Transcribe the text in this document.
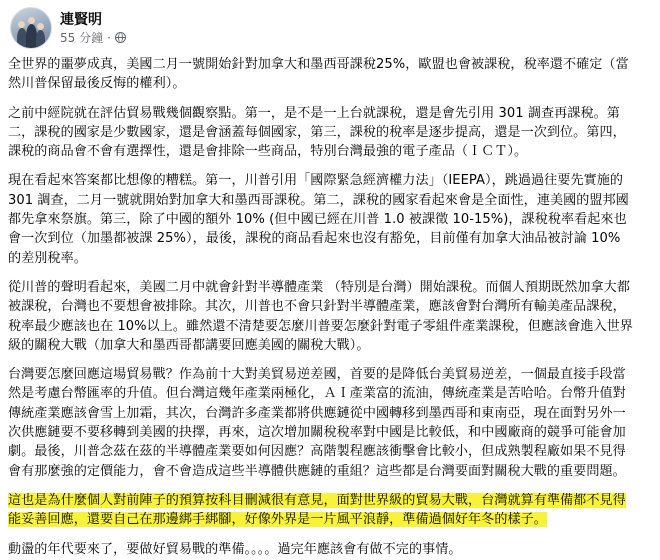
連賢明
55 分鐘 ·

全世界的噩夢成真，美國二月一號開始針對加拿大和墨西哥課稅25%，歐盟也會被課稅，稅率還不確定（當然川普保留最後反悔的權利）。

之前中經院就在評估貿易戰幾個觀察點。第一，是不是一上台就課稅，還是會先引用 301 調查再課稅。第二，課稅的國家是少數國家，還是會涵蓋每個國家，第三，課稅的稅率是逐步提高，還是一次到位。第四，課稅的商品會不會有選擇性，還是會排除一些商品，特別台灣最強的電子產品（ＩＣＴ）。

現在看起來答案都比想像的糟糕。第一，川普引用「國際緊急經濟權力法」（IEEPA），跳過過往要先實施的301 調查，二月一號就開始對加拿大和墨西哥課稅。第二，課稅的國家看起來會是全面性，連美國的盟邦國都先拿來祭旗。第三，除了中國的額外 10% (但中國已經在川普 1.0 被課徵 10-15%)，課稅稅率看起來也會一次到位（加墨都被課 25%），最後，課稅的商品看起來也沒有豁免，目前僅有加拿大油品被討論 10% 的差別稅率。

從川普的聲明看起來，美國二月中就會針對半導體產業 （特別是台灣）開始課稅。而個人預期既然加拿大都被課稅，台灣也不要想會被排除。其次，川普也不會只針對半導體產業，應該會對台灣所有輸美產品課稅，稅率最少應該也在 10%以上。雖然還不清楚要怎麼川普要怎麼針對電子零組件產業課稅，但應該會進入世界級的關稅大戰（加拿大和墨西哥都講要回應美國的關稅大戰）。

台灣要怎麼回應這場貿易戰？作為前十大對美貿易逆差國，首要的是降低台美貿易逆差，一個最直接手段當然是考慮台幣匯率的升值。但台灣這幾年產業兩極化，ＡＩ產業富的流油，傳統產業是苦哈哈。台幣升值對傳統產業應該會雪上加霜，其次，台灣許多產業都將供應鏈從中國轉移到墨西哥和東南亞，現在面對另外一次供應鏈要不要移轉到美國的抉擇，再來，這次增加關稅稅率對中國是比較低，和中國廠商的競爭可能會加劇。最後，川普念茲在茲的半導體產業要如何因應？高階製程應該衝擊會比較小，但成熟製程廠如果不見得會有那麼強的定價能力，會不會造成這些半導體供應鏈的重組？這些都是台灣要面對關稅大戰的重要問題。

這也是為什麼個人對前陣子的預算按科目刪減很有意見，面對世界級的貿易大戰，台灣就算有準備都不見得能妥善回應，還要自己在那邊綁手綁腳，好像外界是一片風平浪靜，準備過個好年冬的樣子。

動盪的年代要來了，要做好貿易戰的準備。。。。過完年應該會有做不完的事情。
